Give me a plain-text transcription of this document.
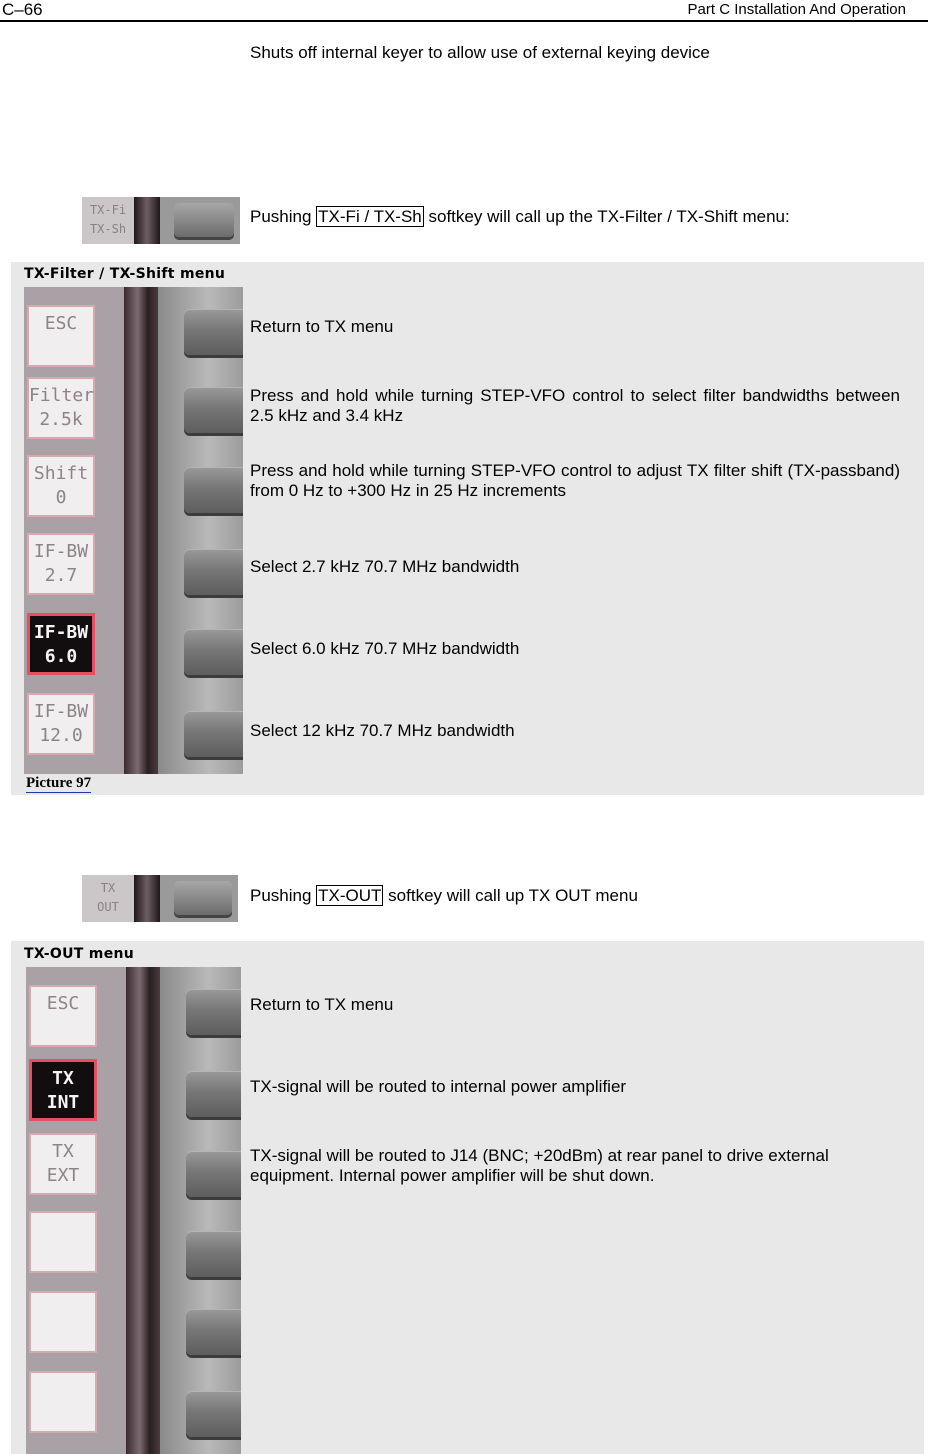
C–66	Part C Installation And Operation
Shuts off internal keyer to allow use of external keying device
TX-Fi
TX-Sh
Pushing TX-Fi / TX-Sh softkey will call up the TX-Filter / TX-Shift menu:
TX-Filter / TX-Shift menu
ESC
Filter
2.5k
Shift
0
IF-BW
2.7
IF-BW
6.0
IF-BW
12.0
Return to TX menu
Press and hold while turning STEP-VFO control to select filter bandwidths between 2.5 kHz and 3.4 kHz
Press and hold while turning STEP-VFO control to adjust TX filter shift (TX-passband) from 0 Hz to +300 Hz in 25 Hz increments
Select 2.7 kHz 70.7 MHz bandwidth
Select 6.0 kHz 70.7 MHz bandwidth
Select 12 kHz 70.7 MHz bandwidth
Picture 97
TX
OUT
Pushing TX-OUT softkey will call up TX OUT menu
TX-OUT menu
ESC
TX
INT
TX
EXT
Return to TX menu
TX-signal will be routed to internal power amplifier
TX-signal will be routed to J14 (BNC; +20dBm) at rear panel to drive external equipment. Internal power amplifier will be shut down.
